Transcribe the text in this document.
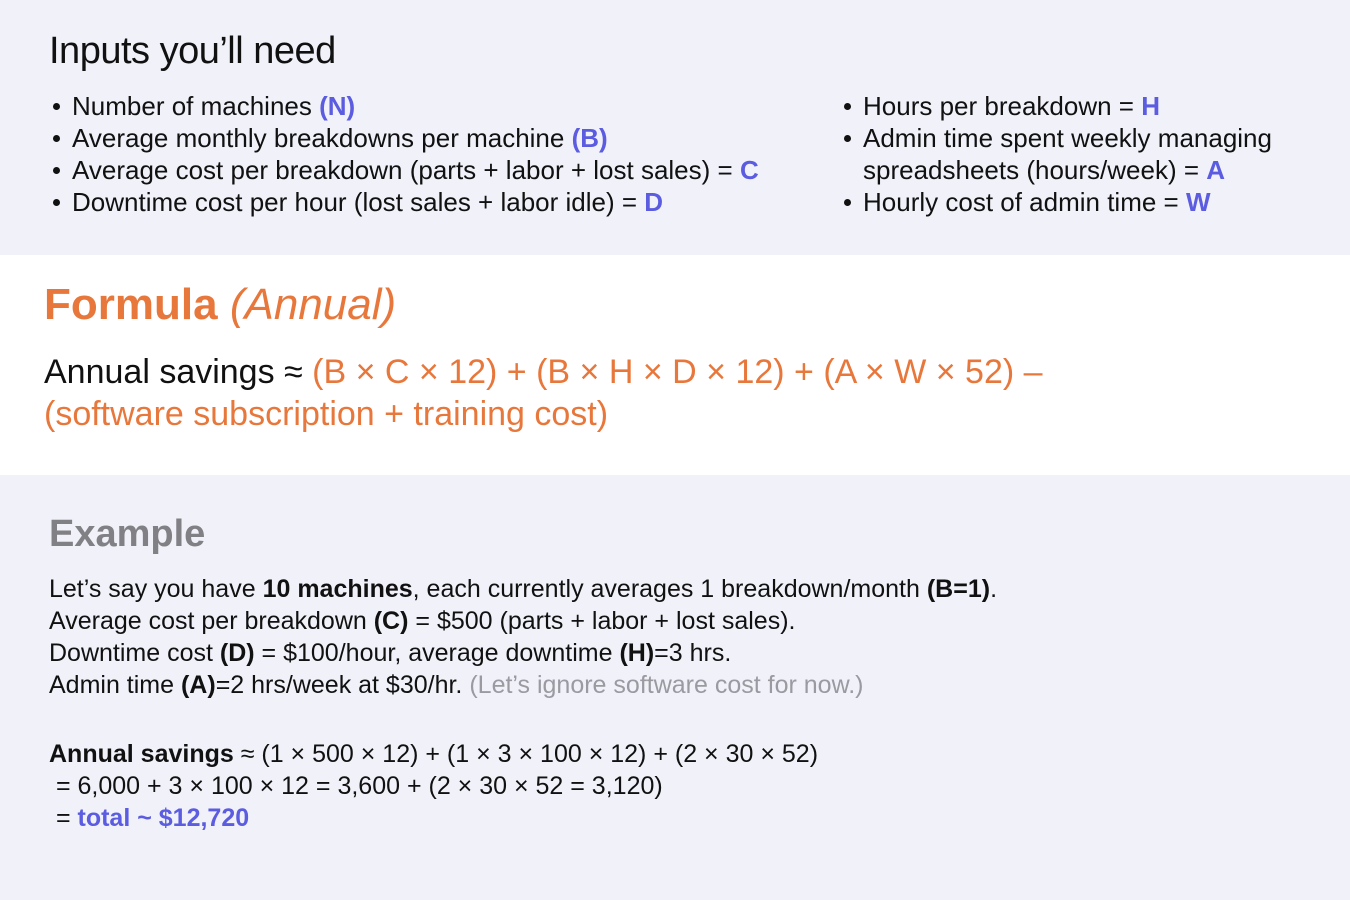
Inputs you’ll need
Number of machines (N)
Average monthly breakdowns per machine (B)
Average cost per breakdown (parts + labor + lost sales) = C
Downtime cost per hour (lost sales + labor idle) = D
Hours per breakdown = H
Admin time spent weekly managing spreadsheets (hours/week) = A
Hourly cost of admin time = W
Formula (Annual)

Annual savings ≈ (B × C × 12) + (B × H × D × 12) + (A × W × 52) – (software subscription + training cost)

Example

Let’s say you have 10 machines, each currently averages 1 breakdown/month (B=1).
Average cost per breakdown (C) = $500 (parts + labor + lost sales).
Downtime cost (D) = $100/hour, average downtime (H)=3 hrs.
Admin time (A)=2 hrs/week at $30/hr. (Let’s ignore software cost for now.)

Annual savings ≈ (1 × 500 × 12) + (1 × 3 × 100 × 12) + (2 × 30 × 52)
= 6,000 + 3 × 100 × 12 = 3,600 + (2 × 30 × 52 = 3,120)
= total ~ $12,720
